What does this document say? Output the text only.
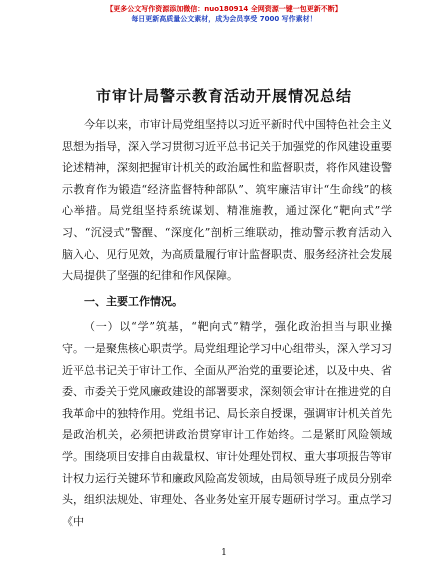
【更多公文写作资源添加微信：nuo180914 全网资源一键一包更新不断】
每日更新高质量公文素材，成为会员享受 7000 写作素材！
市审计局警示教育活动开展情况总结

今年以来，市审计局党组坚持以习近平新时代中国特色社会主义思想为指导，深入学习贯彻习近平总书记关于加强党的作风建设重要论述精神，深刻把握审计机关的政治属性和监督职责，将作风建设警示教育作为锻造“经济监督特种部队”、筑牢廉洁审计“生命线”的核心举措。局党组坚持系统谋划、精准施教，通过深化“靶向式”学习、“沉浸式”警醒、“深度化”剖析三维联动，推动警示教育活动入脑入心、见行见效，为高质量履行审计监督职责、服务经济社会发展大局提供了坚强的纪律和作风保障。

一、主要工作情况。

（一）以“学”筑基，“靶向式”精学，强化政治担当与职业操守。一是聚焦核心职责学。局党组理论学习中心组带头，深入学习习近平总书记关于审计工作、全面从严治党的重要论述，以及中央、省委、市委关于党风廉政建设的部署要求，深刻领会审计在推进党的自我革命中的独特作用。党组书记、局长亲自授课，强调审计机关首先是政治机关，必须把讲政治贯穿审计工作始终。二是紧盯风险领域学。围绕项目安排自由裁量权、审计处理处罚权、重大事项报告等审计权力运行关键环节和廉政风险高发领域，由局领导班子成员分别牵头，组织法规处、审理处、各业务处室开展专题研讨学习。重点学习《中

1
